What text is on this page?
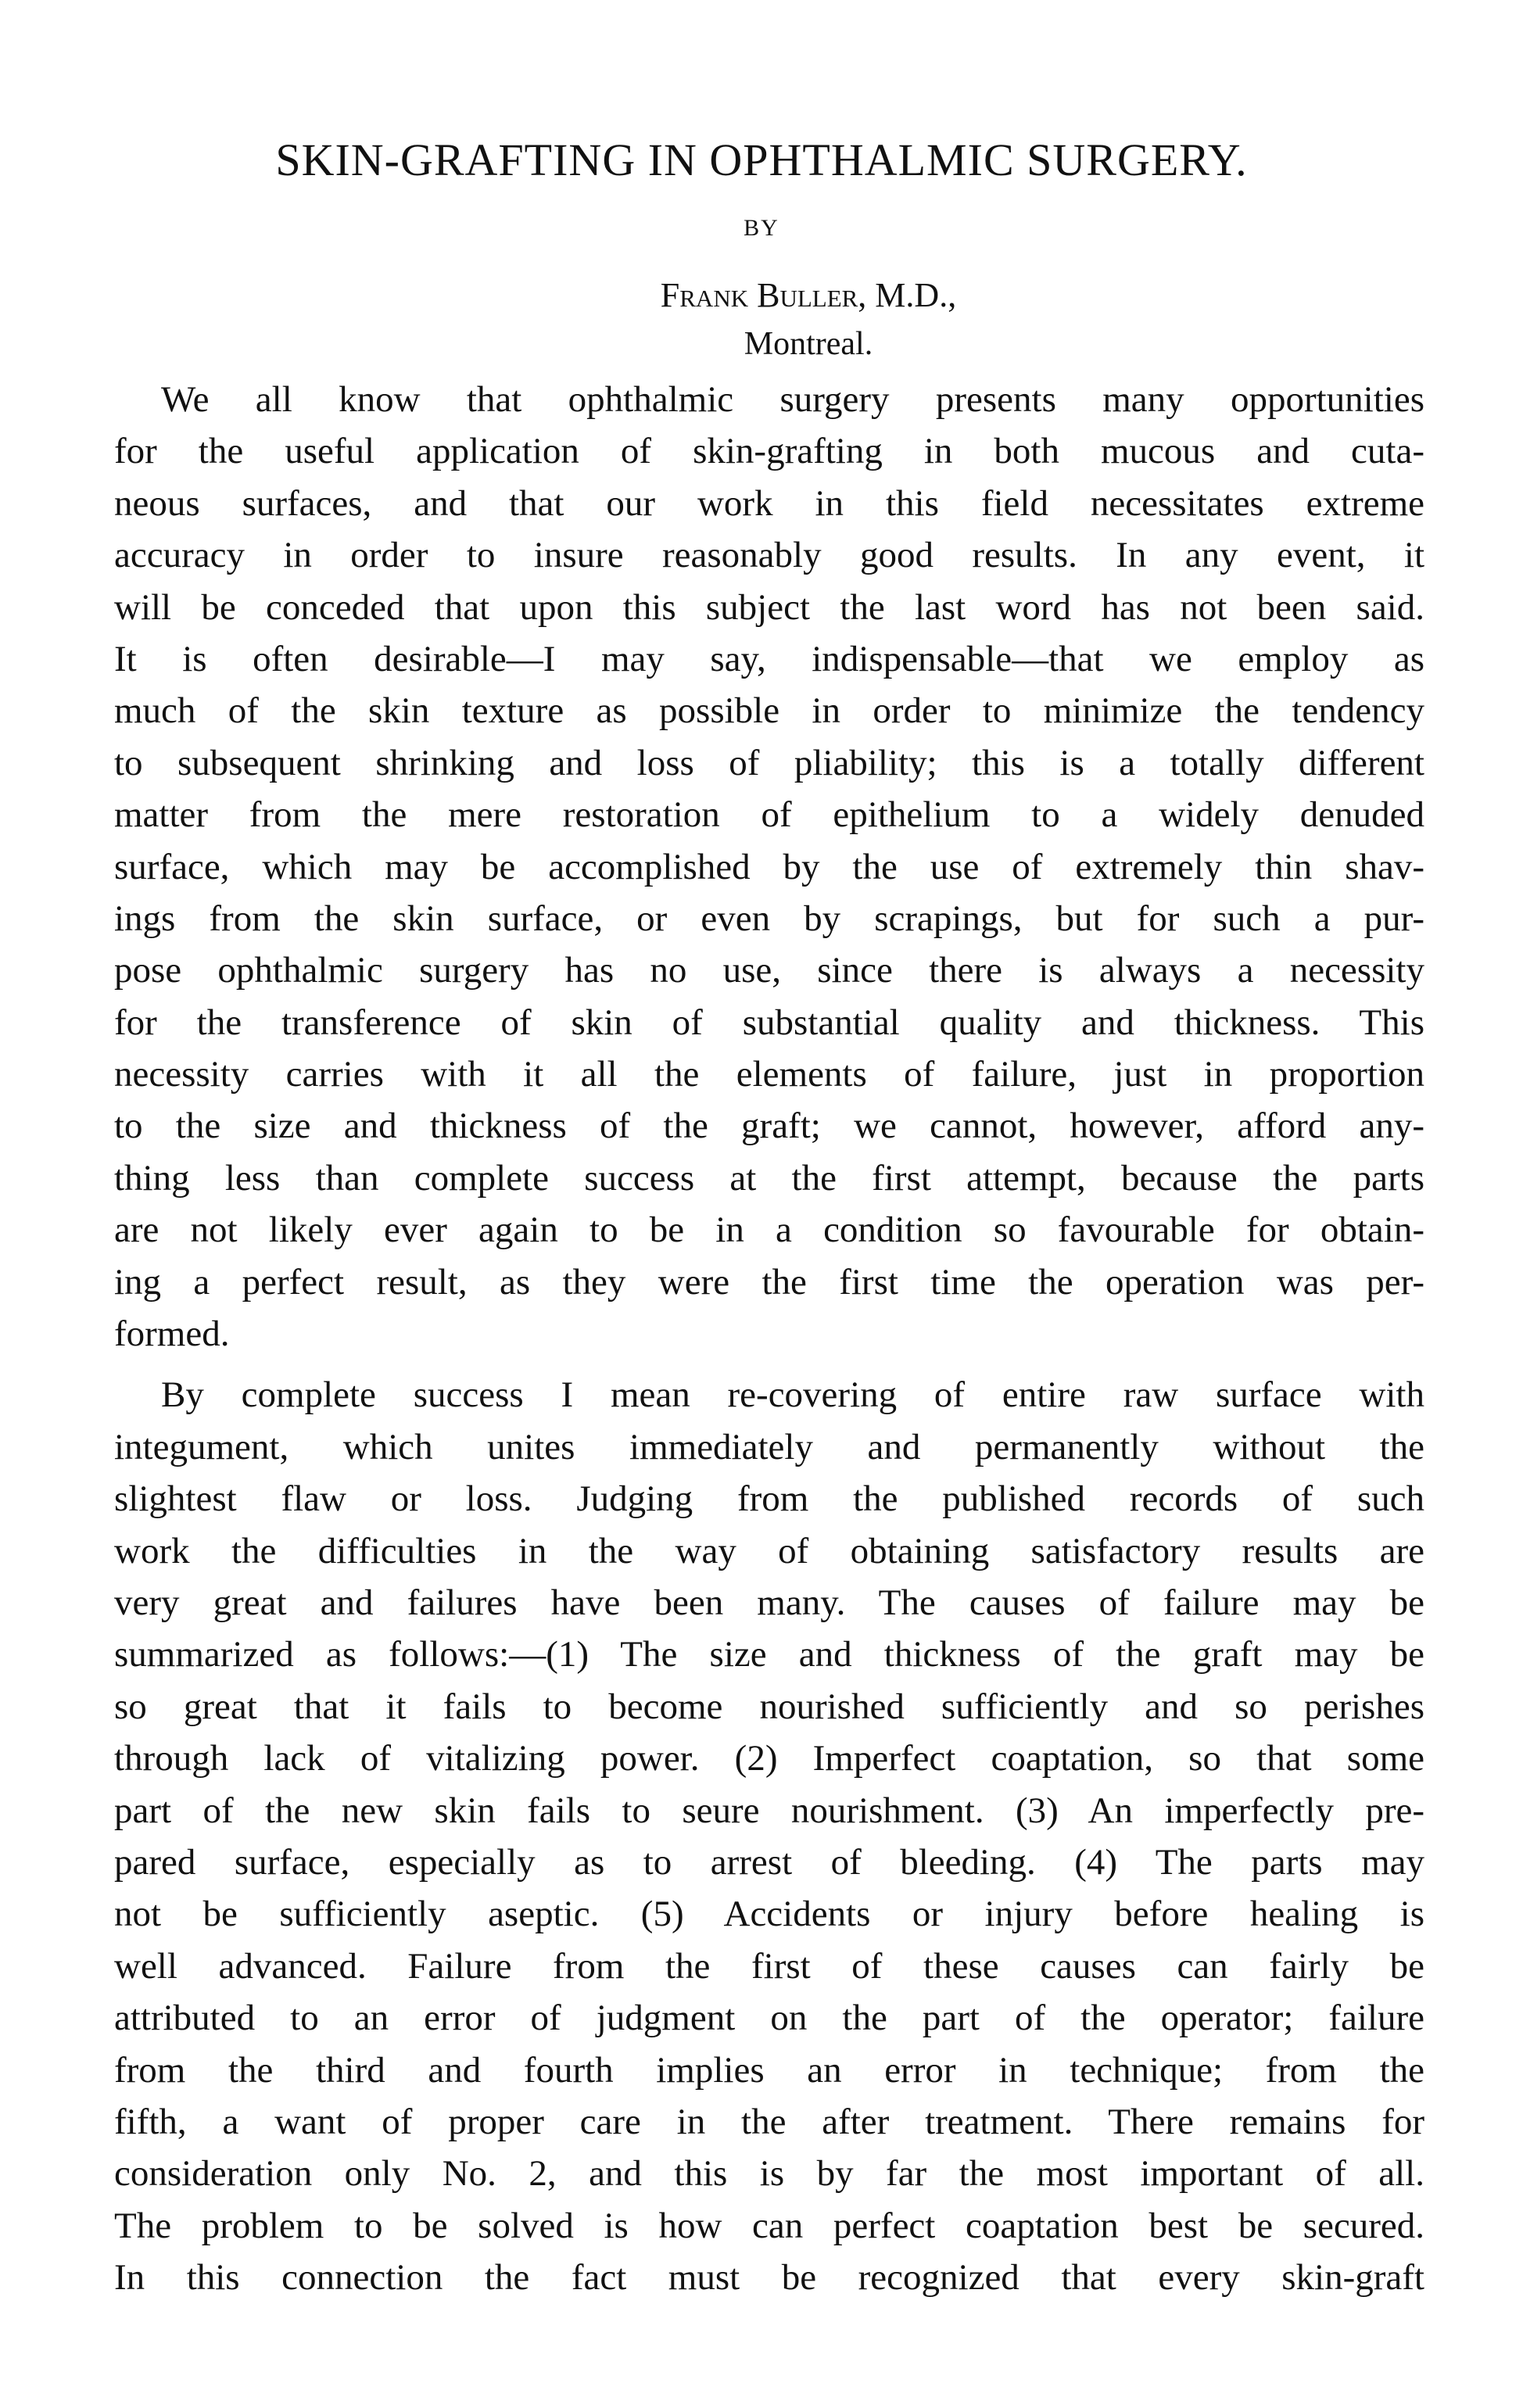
SKIN-GRAFTING IN OPHTHALMIC SURGERY.
BY
Frank Buller, M.D.,
Montreal.
We all know that ophthalmic surgery presents many opportunities
for the useful application of skin-grafting in both mucous and cuta-
neous surfaces, and that our work in this field necessitates extreme
accuracy in order to insure reasonably good results. In any event, it
will be conceded that upon this subject the last word has not been said.
It is often desirable—I may say, indispensable—that we employ as
much of the skin texture as possible in order to minimize the tendency
to subsequent shrinking and loss of pliability; this is a totally different
matter from the mere restoration of epithelium to a widely denuded
surface, which may be accomplished by the use of extremely thin shav-
ings from the skin surface, or even by scrapings, but for such a pur-
pose ophthalmic surgery has no use, since there is always a necessity
for the transference of skin of substantial quality and thickness. This
necessity carries with it all the elements of failure, just in proportion
to the size and thickness of the graft; we cannot, however, afford any-
thing less than complete success at the first attempt, because the parts
are not likely ever again to be in a condition so favourable for obtain-
ing a perfect result, as they were the first time the operation was per-
formed.
By complete success I mean re-covering of entire raw surface with
integument, which unites immediately and permanently without the
slightest flaw or loss. Judging from the published records of such
work the difficulties in the way of obtaining satisfactory results are
very great and failures have been many. The causes of failure may be
summarized as follows:—(1) The size and thickness of the graft may be
so great that it fails to become nourished sufficiently and so perishes
through lack of vitalizing power. (2) Imperfect coaptation, so that some
part of the new skin fails to seure nourishment. (3) An imperfectly pre-
pared surface, especially as to arrest of bleeding. (4) The parts may
not be sufficiently aseptic. (5) Accidents or injury before healing is
well advanced. Failure from the first of these causes can fairly be
attributed to an error of judgment on the part of the operator; failure
from the third and fourth implies an error in technique; from the
fifth, a want of proper care in the after treatment. There remains for
consideration only No. 2, and this is by far the most important of all.
The problem to be solved is how can perfect coaptation best be secured.
In this connection the fact must be recognized that every skin-graft
